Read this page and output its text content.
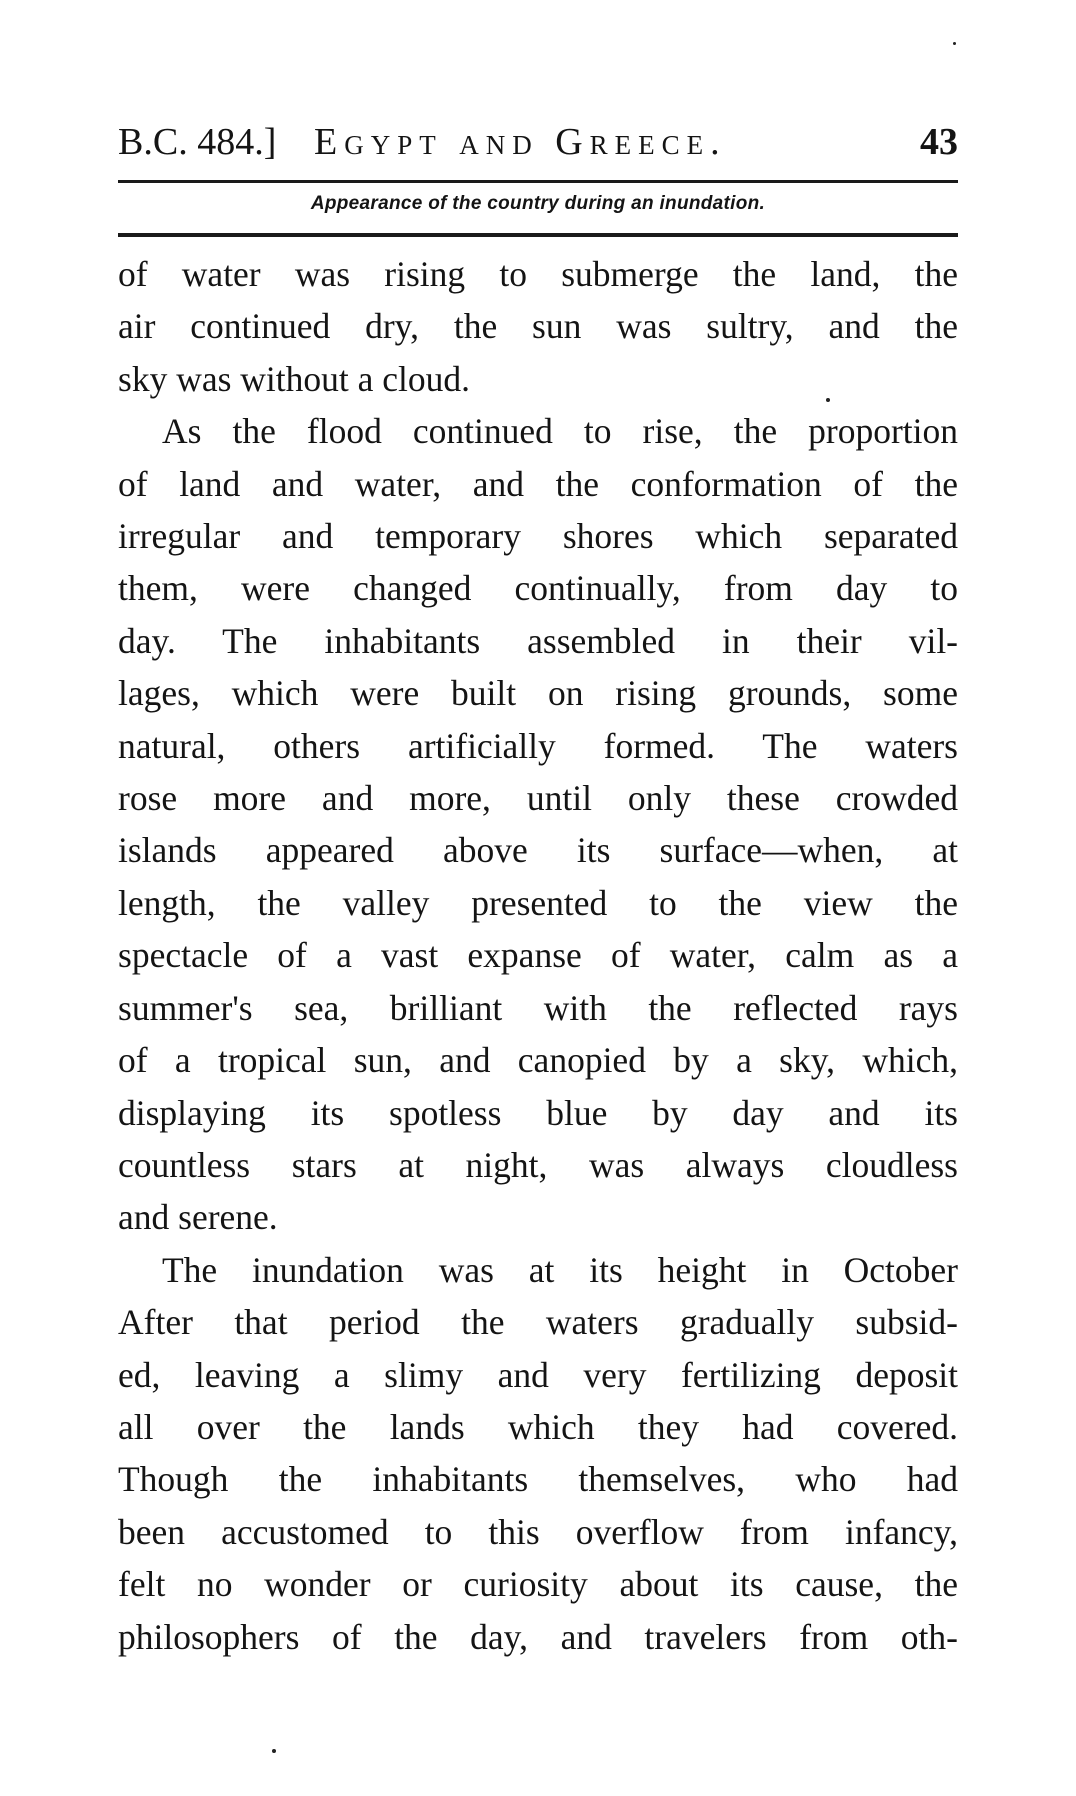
B.C. 484.] Egypt and Greece.	43
Appearance of the country during an inundation.
of water was rising to submerge the land, the
air continued dry, the sun was sultry, and the
sky was without a cloud.
As the flood continued to rise, the proportion
of land and water, and the conformation of the
irregular and temporary shores which separated
them, were changed continually, from day to
day. The inhabitants assembled in their vil-
lages, which were built on rising grounds, some
natural, others artificially formed. The waters
rose more and more, until only these crowded
islands appeared above its surface—when, at
length, the valley presented to the view the
spectacle of a vast expanse of water, calm as a
summer's sea, brilliant with the reflected rays
of a tropical sun, and canopied by a sky, which,
displaying its spotless blue by day and its
countless stars at night, was always cloudless
and serene.
The inundation was at its height in October
After that period the waters gradually subsid-
ed, leaving a slimy and very fertilizing deposit
all over the lands which they had covered.
Though the inhabitants themselves, who had
been accustomed to this overflow from infancy,
felt no wonder or curiosity about its cause, the
philosophers of the day, and travelers from oth-
